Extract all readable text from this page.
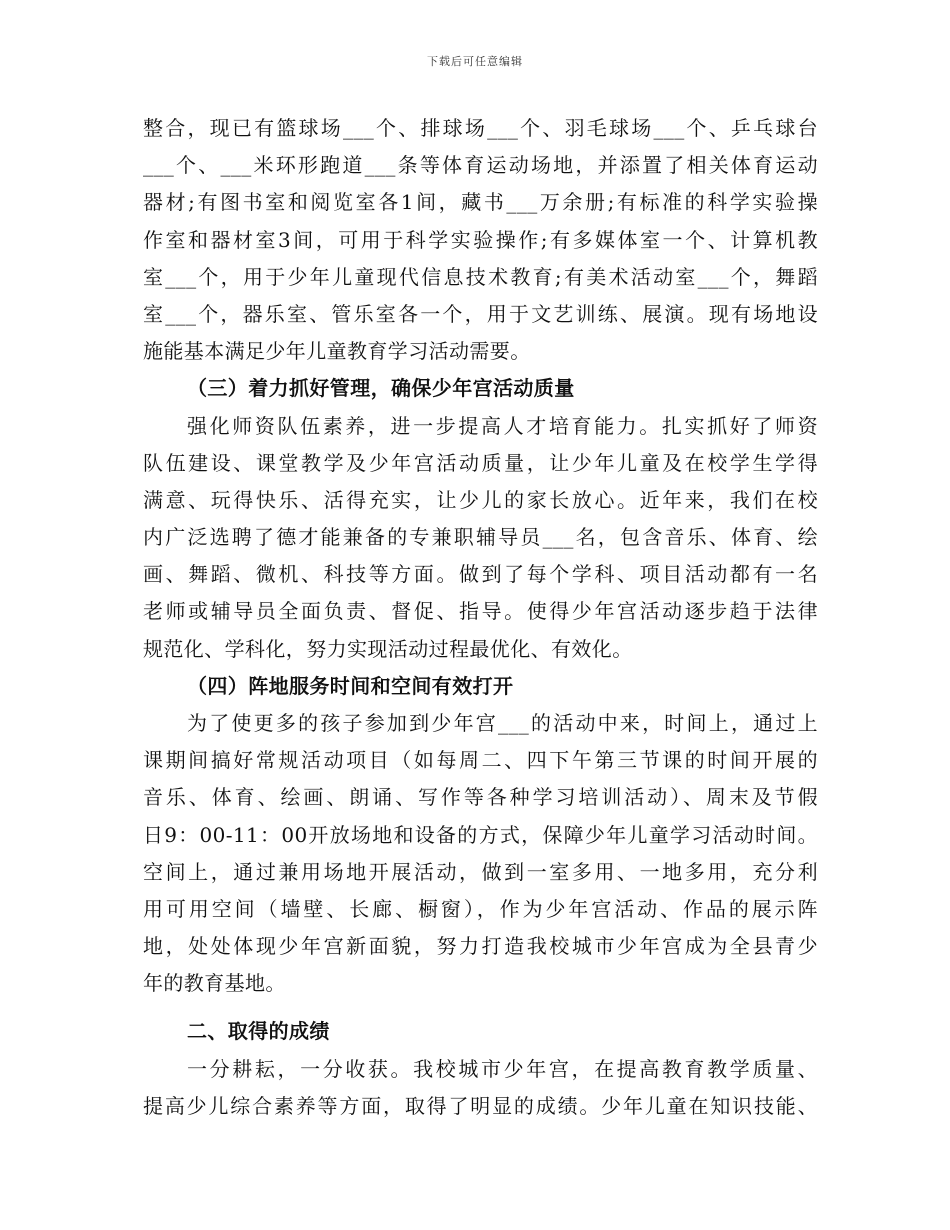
下载后可任意编辑
整合，现已有篮球场___个、排球场___个、羽毛球场___个、乒乓球台
___个、___米环形跑道___条等体育运动场地，并添置了相关体育运动
器材;有图书室和阅览室各1间，藏书___万余册;有标准的科学实验操
作室和器材室3间，可用于科学实验操作;有多媒体室一个、计算机教
室___个，用于少年儿童现代信息技术教育;有美术活动室___个，舞蹈
室___个，器乐室、管乐室各一个，用于文艺训练、展演。现有场地设
施能基本满足少年儿童教育学习活动需要。
（三）着力抓好管理，确保少年宫活动质量
强化师资队伍素养，进一步提高人才培育能力。扎实抓好了师资
队伍建设、课堂教学及少年宫活动质量，让少年儿童及在校学生学得
满意、玩得快乐、活得充实，让少儿的家长放心。近年来，我们在校
内广泛选聘了德才能兼备的专兼职辅导员___名，包含音乐、体育、绘
画、舞蹈、微机、科技等方面。做到了每个学科、项目活动都有一名
老师或辅导员全面负责、督促、指导。使得少年宫活动逐步趋于法律
规范化、学科化，努力实现活动过程最优化、有效化。
（四）阵地服务时间和空间有效打开
为了使更多的孩子参加到少年宫___的活动中来，时间上，通过上
课期间搞好常规活动项目（如每周二、四下午第三节课的时间开展的
音乐、体育、绘画、朗诵、写作等各种学习培训活动）、周末及节假
日9：00-11：00开放场地和设备的方式，保障少年儿童学习活动时间。
空间上，通过兼用场地开展活动，做到一室多用、一地多用，充分利
用可用空间（墙壁、长廊、橱窗），作为少年宫活动、作品的展示阵
地，处处体现少年宫新面貌，努力打造我校城市少年宫成为全县青少
年的教育基地。
二、取得的成绩
一分耕耘，一分收获。我校城市少年宫，在提高教育教学质量、
提高少儿综合素养等方面，取得了明显的成绩。少年儿童在知识技能、
